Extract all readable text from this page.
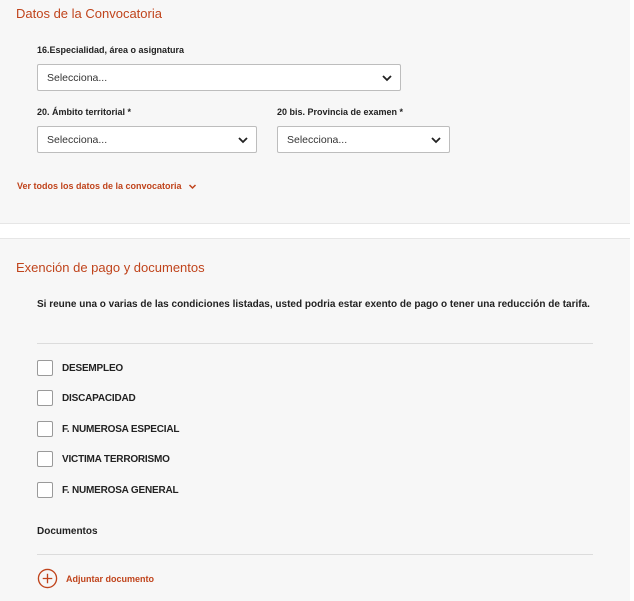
Datos de la Convocatoria
16.Especialidad, área o asignatura
Selecciona...
20. Ámbito territorial *
Selecciona...
20 bis. Provincia de examen *
Selecciona...
Ver todos los datos de la convocatoria
Exención de pago y documentos
Si reune una o varias de las condiciones listadas, usted podria estar exento de pago o tener una reducción de tarifa.
DESEMPLEO
DISCAPACIDAD
F. NUMEROSA ESPECIAL
VICTIMA TERRORISMO
F. NUMEROSA GENERAL
Documentos
Adjuntar documento
